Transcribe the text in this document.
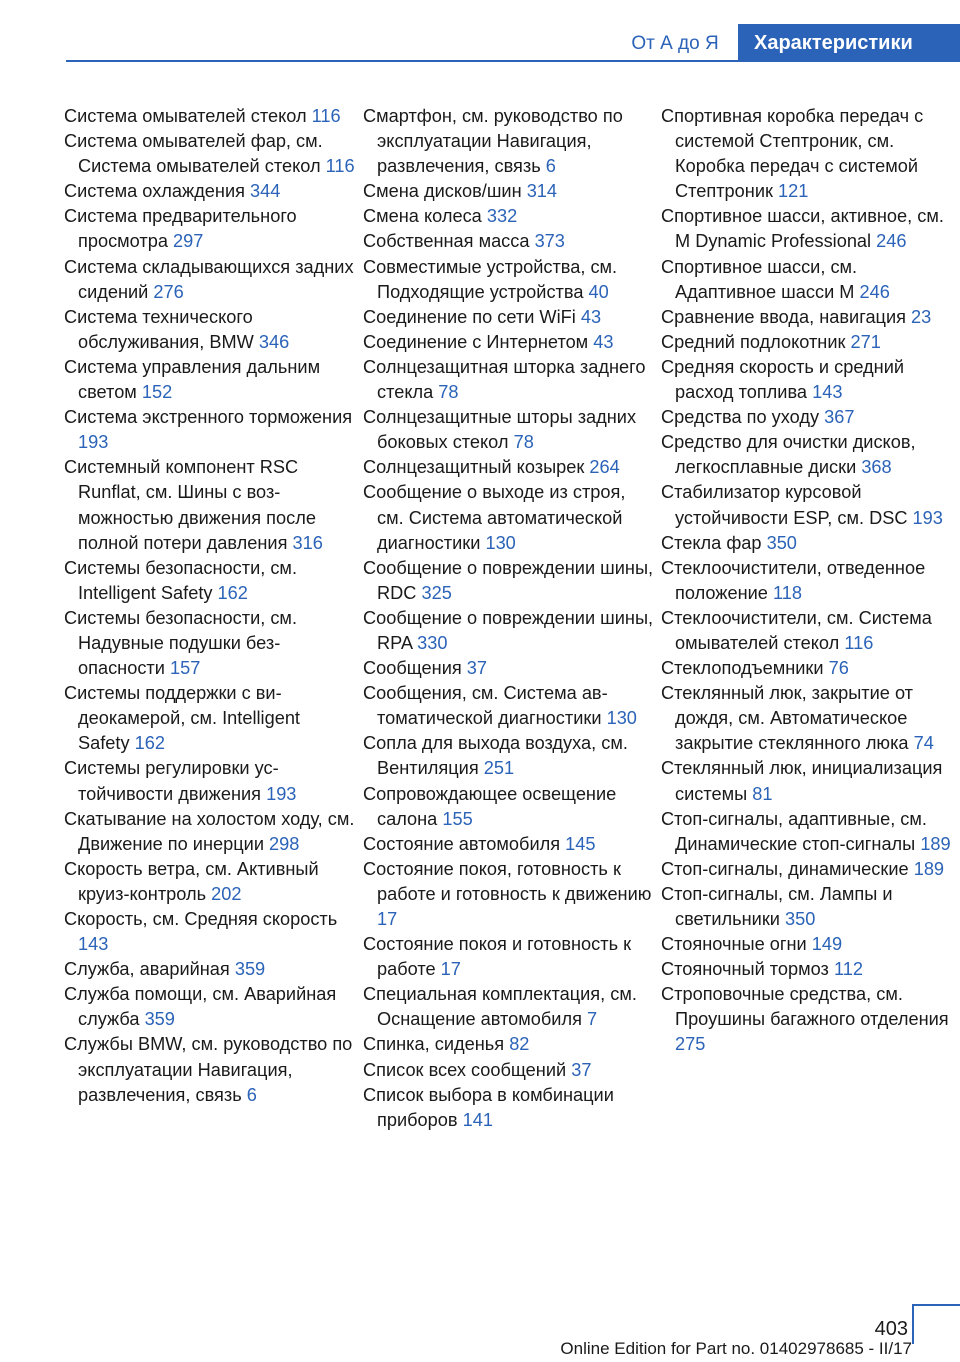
От А до Я	Характеристики
Система омывателей стекол 116
Система омывателей фар, см. Система омывателей стекол 116
Система охлаждения 344
Система предварительного просмотра 297
Система складывающихся задних сидений 276
Система технического обслуживания, BMW 346
Система управления дальним светом 152
Система экстренного торможения 193
Системный компонент RSC Runflat, см. Шины с возможностью движения после полной потери давления 316
Системы безопасности, см. Intelligent Safety 162
Системы безопасности, см. Надувные подушки безопасности 157
Системы поддержки с видеокамерой, см. Intelligent Safety 162
Системы регулировки устойчивости движения 193
Скатывание на холостом ходу, см. Движение по инерции 298
Скорость ветра, см. Активный круиз-контроль 202
Скорость, см. Средняя скорость 143
Служба, аварийная 359
Служба помощи, см. Аварийная служба 359
Службы BMW, см. руководство по эксплуатации Навигация, развлечения, связь 6
Смартфон, см. руководство по эксплуатации Навигация, развлечения, связь 6
Смена дисков/шин 314
Смена колеса 332
Собственная масса 373
Совместимые устройства, см. Подходящие устройства 40
Соединение по сети WiFi 43
Соединение с Интернетом 43
Солнцезащитная шторка заднего стекла 78
Солнцезащитные шторы задних боковых стекол 78
Солнцезащитный козырек 264
Сообщение о выходе из строя, см. Система автоматической диагностики 130
Сообщение о повреждении шины, RDC 325
Сообщение о повреждении шины, RPA 330
Сообщения 37
Сообщения, см. Система автоматической диагностики 130
Сопла для выхода воздуха, см. Вентиляция 251
Сопровождающее освещение салона 155
Состояние автомобиля 145
Состояние покоя, готовность к работе и готовность к движению 17
Состояние покоя и готовность к работе 17
Специальная комплектация, см. Оснащение автомобиля 7
Спинка, сиденья 82
Список всех сообщений 37
Список выбора в комбинации приборов 141
Спортивная коробка передач с системой Стептроник, см. Коробка передач с системой Стептроник 121
Спортивное шасси, активное, см. M Dynamic Professional 246
Спортивное шасси, см. Адаптивное шасси M 246
Сравнение ввода, навигация 23
Средний подлокотник 271
Средняя скорость и средний расход топлива 143
Средства по уходу 367
Средство для очистки дисков, легкосплавные диски 368
Стабилизатор курсовой устойчивости ESP, см. DSC 193
Стекла фар 350
Стеклоочистители, отведенное положение 118
Стеклоочистители, см. Система омывателей стекол 116
Стеклоподъемники 76
Стеклянный люк, закрытие от дождя, см. Автоматическое закрытие стеклянного люка 74
Стеклянный люк, инициализация системы 81
Стоп-сигналы, адаптивные, см. Динамические стоп-сигналы 189
Стоп-сигналы, динамические 189
Стоп-сигналы, см. Лампы и светильники 350
Стояночные огни 149
Стояночный тормоз 112
Строповочные средства, см. Проушины багажного отделения 275
403
Online Edition for Part no. 01402978685 - II/17
